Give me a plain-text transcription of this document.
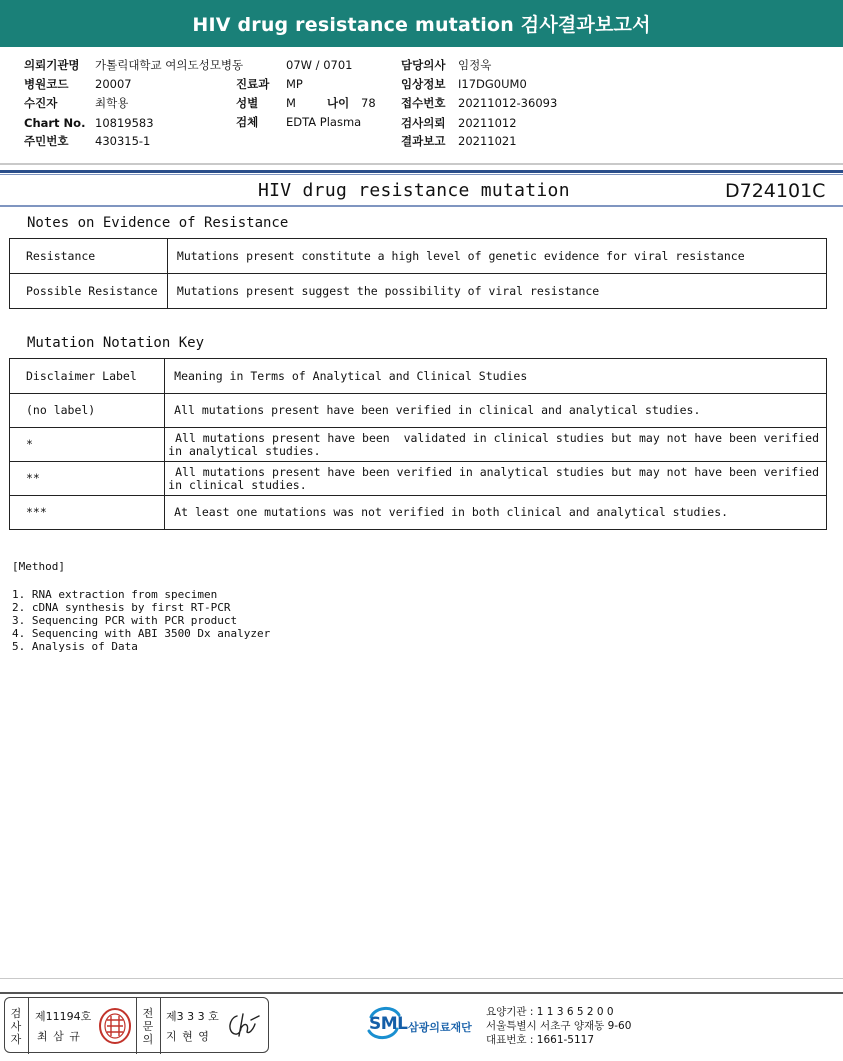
HIV drug resistance mutation 검사결과보고서
의뢰기관명 가톨릭대학교 여의도성모병동	07W / 0701	담당의사 임정욱
병원코드 20007	진료과 MP	임상정보 I17DG0UM0
수진자	최학용	성별 M	나이 78 접수번호 20211012-36093
Chart No. 10819583	검체 EDTA Plasma	검사의뢰 20211012
주민번호 430315-1	결과보고 20211021
HIV drug resistance mutation	D724101C
Notes on Evidence of Resistance
Resistance	Mutations present constitute a high level of genetic evidence for viral resistance
Possible Resistance	Mutations present suggest the possibility of viral resistance
Mutation Notation Key
Disclaimer Label	Meaning in Terms of Analytical and Clinical Studies
(no label)	All mutations present have been verified in clinical and analytical studies.
*	All mutations present have been  validated in clinical studies but may not have been verified
in analytical studies.

**	All mutations present have been verified in analytical studies but may not have been verified
in clinical studies.

***	At least one mutations was not verified in both clinical and analytical studies.
[Method]
1. RNA extraction from specimen
2. cDNA synthesis by first RT-PCR
3. Sequencing PCR with PCR product
4. Sequencing with ABI 3500 Dx analyzer
5. Analysis of Data
검
사
자
제11194호
최 삼 규
전
문
의
제3 3 3 호
지 현 영
SML 삼광의료재단
요양기관 : 1 1 3 6 5 2 0 0
서울특별시 서초구 양재동 9-60
대표번호 : 1661-5117
